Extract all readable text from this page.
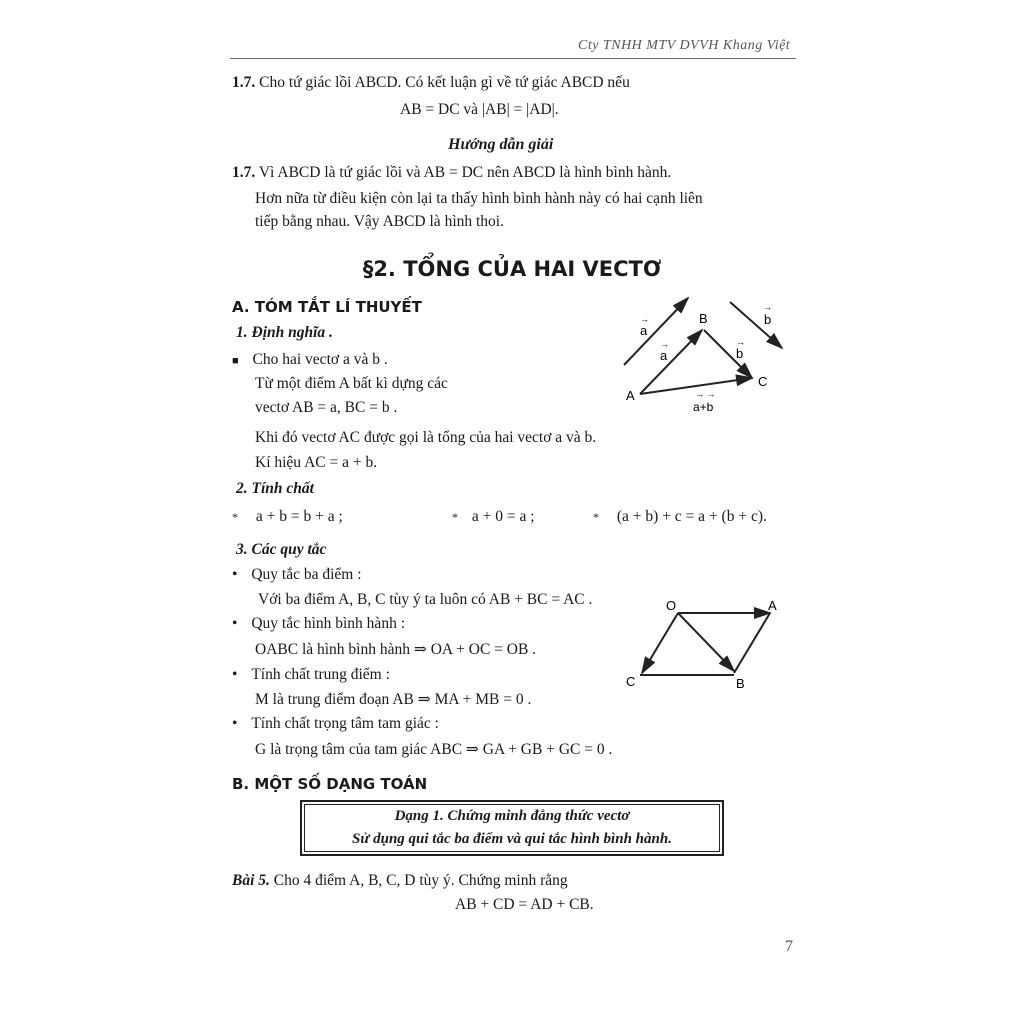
Cty TNHH MTV DVVH Khang Việt
1.7. Cho tứ giác lồi ABCD. Có kết luận gì về tứ giác ABCD nếu
AB = DC và |AB| = |AD|.
Hướng dẫn giải
1.7. Vì ABCD là tứ giác lồi và AB = DC nên ABCD là hình bình hành.
Hơn nữa từ điều kiện còn lại ta thấy hình bình hành này có hai cạnh liên
tiếp bằng nhau. Vậy ABCD là hình thoi.
§2. TỔNG CỦA HAI VECTƠ
A. TÓM TẮT LÍ THUYẾT
1. Định nghĩa .
■ Cho hai vectơ a và b .
Từ một điểm A bất kì dựng các
vectơ AB = a, BC = b .
Khi đó vectơ AC được gọi là tổng của hai vectơ a và b.
Kí hiệu AC = a + b.
a
→	b
→
a
→
b
→
A
B
C
a+b
→ →
2. Tính chất
* a + b = b + a ;	* a + 0 = a ;	* (a + b) + c = a + (b + c).
3. Các quy tắc
• Quy tắc ba điểm :
Với ba điểm A, B, C tùy ý ta luôn có AB + BC = AC .
• Quy tắc hình bình hành :
OABC là hình bình hành ⇒ OA + OC = OB .
• Tính chất trung điểm :
M là trung điểm đoạn AB ⇒ MA + MB = 0 .
• Tính chất trọng tâm tam giác :
G là trọng tâm của tam giác ABC ⇒ GA + GB + GC = 0 .
O	A
B
C
B. MỘT SỐ DẠNG TOÁN
Dạng 1. Chứng minh đẳng thức vectơ
Sử dụng qui tắc ba điểm và qui tắc hình bình hành.
Bài 5. Cho 4 điểm A, B, C, D tùy ý. Chứng minh rằng
AB + CD = AD + CB.
7
